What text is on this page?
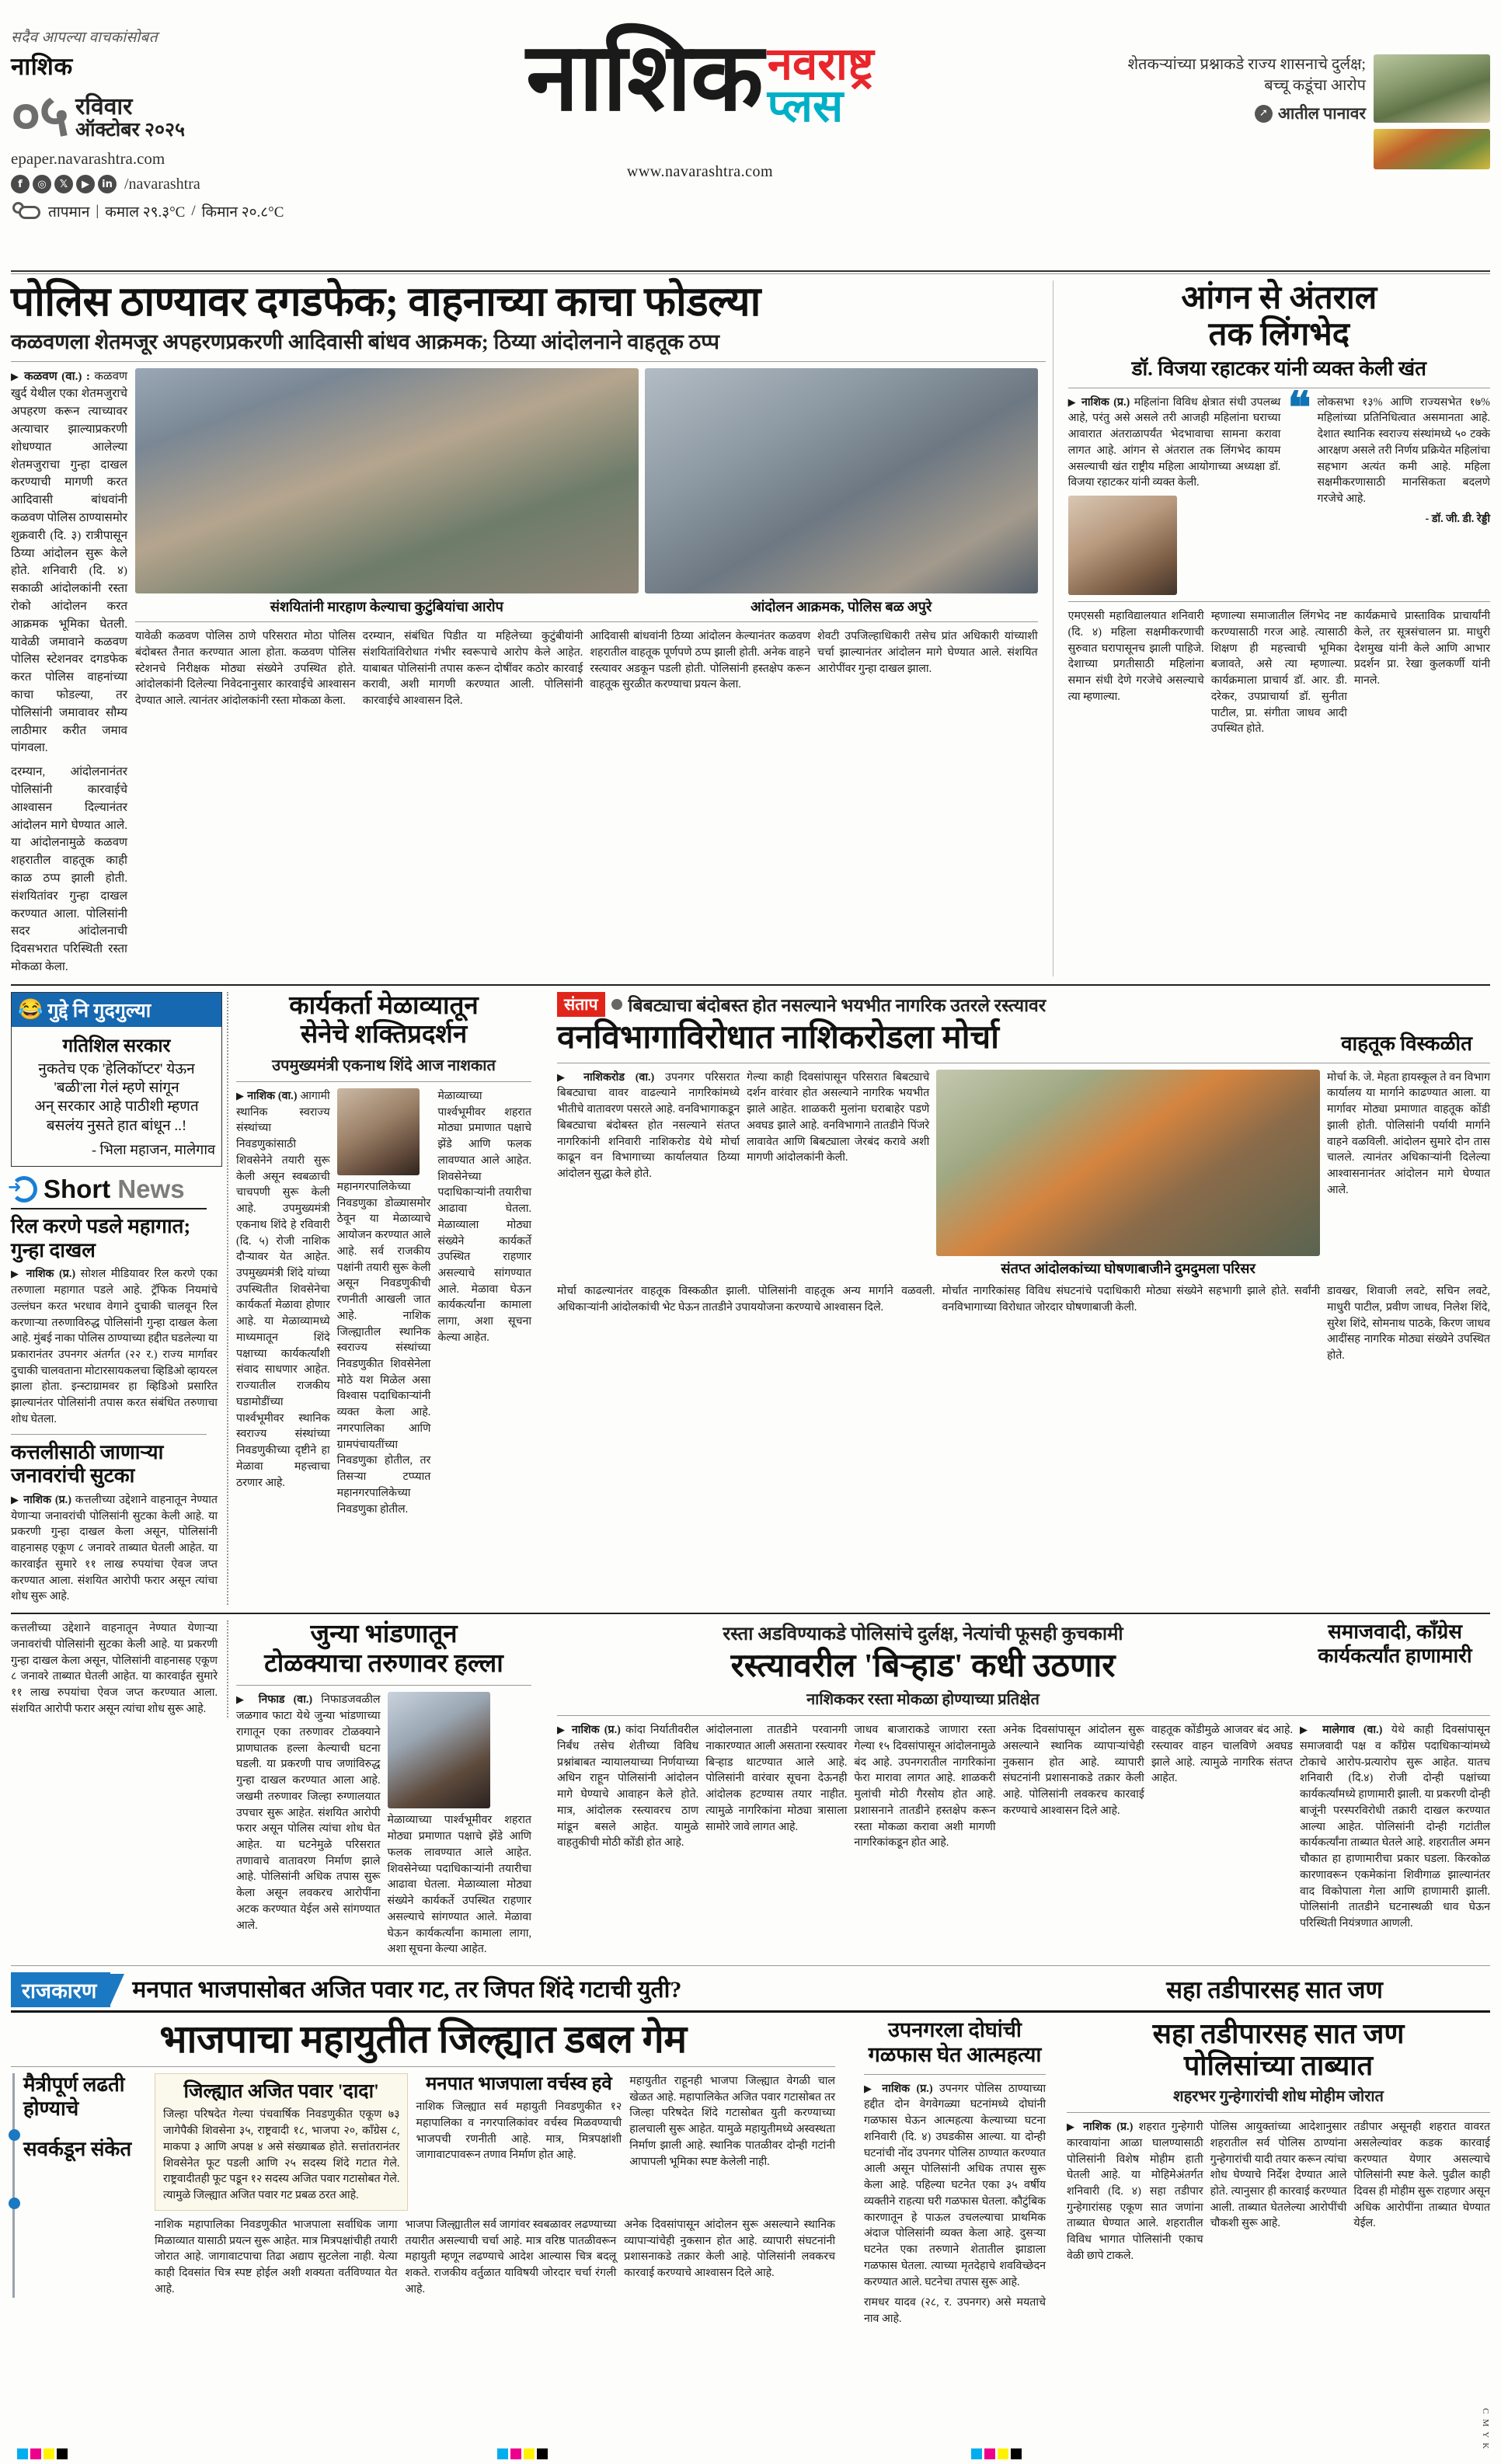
सदैव आपल्या वाचकांसोबत
नाशिक
०५ रविवार
ऑक्टोबर २०२५
epaper.navarashtra.com
f	◎	𝕏	▶	in /navarashtra
तापमान | कमाल २९.३°C / किमान २०.८°C
नाशिक नवराष्ट्र
प्लस
www.navarashtra.com
शेतकऱ्यांच्या प्रश्नाकडे राज्य शासनाचे दुर्लक्ष; बच्चू कडूंचा आरोप
➚ आतील पानावर
पोलिस ठाण्यावर दगडफेक; वाहनाच्या काचा फोडल्या
कळवणला शेतमजूर अपहरणप्रकरणी आदिवासी बांधव आक्रमक; ठिय्या आंदोलनाने वाहतूक ठप्प
▶ कळवण (वा.) : कळवण खुर्द येथील एका शेतमजुराचे अपहरण करून त्याच्यावर अत्याचार झाल्याप्रकरणी शोधण्यात आलेल्या शेतमजुराचा गुन्हा दाखल करण्याची मागणी करत आदिवासी बांधवांनी कळवण पोलिस ठाण्यासमोर शुक्रवारी (दि. ३) रात्रीपासून ठिय्या आंदोलन सुरू केले होते. शनिवारी (दि. ४) सकाळी आंदोलकांनी रस्ता रोको आंदोलन करत आक्रमक भूमिका घेतली. यावेळी जमावाने कळवण पोलिस स्टेशनवर दगडफेक करत पोलिस वाहनांच्या काचा फोडल्या, तर पोलिसांनी जमावावर सौम्य लाठीमार करीत जमाव पांगवला.
दरम्यान, आंदोलनानंतर पोलिसांनी कारवाईचे आश्वासन दिल्यानंतर आंदोलन मागे घेण्यात आले. या आंदोलनामुळे कळवण शहरातील वाहतूक काही काळ ठप्प झाली होती. संशयितांवर गुन्हा दाखल करण्यात आला. पोलिसांनी सदर आंदोलनाची दिवसभरात परिस्थिती रस्ता मोकळा केला.
संशयितांनी मारहाण केल्याचा कुटुंबियांचा आरोप	आंदोलन आक्रमक, पोलिस बळ अपुरे
यावेळी कळवण पोलिस ठाणे परिसरात मोठा पोलिस बंदोबस्त तैनात करण्यात आला होता. कळवण पोलिस स्टेशनचे निरीक्षक मोठ्या संख्येने उपस्थित होते. आंदोलकांनी दिलेल्या निवेदनानुसार कारवाईचे आश्वासन देण्यात आले. त्यानंतर आंदोलकांनी रस्ता मोकळा केला.
दरम्यान, संबंधित पिडीत या महिलेच्या कुटुंबीयांनी संशयितांविरोधात गंभीर स्वरूपाचे आरोप केले आहेत. याबाबत पोलिसांनी तपास करून दोषींवर कठोर कारवाई करावी, अशी मागणी करण्यात आली. पोलिसांनी कारवाईचे आश्वासन दिले.
आदिवासी बांधवांनी ठिय्या आंदोलन केल्यानंतर कळवण शहरातील वाहतूक पूर्णपणे ठप्प झाली होती. अनेक वाहने रस्त्यावर अडकून पडली होती. पोलिसांनी हस्तक्षेप करून वाहतूक सुरळीत करण्याचा प्रयत्न केला.
शेवटी उपजिल्हाधिकारी तसेच प्रांत अधिकारी यांच्याशी चर्चा झाल्यानंतर आंदोलन मागे घेण्यात आले. संशयित आरोपींवर गुन्हा दाखल झाला.
आंगन से अंतराल
तक लिंगभेद
डॉ. विजया रहाटकर यांनी व्यक्त केली खंत
▶ नाशिक (प्र.) महिलांना विविध क्षेत्रात संधी उपलब्ध आहे, परंतु असे असले तरी आजही महिलांना घराच्या आवारात अंतराळापर्यंत भेदभावाचा सामना करावा लागत आहे. आंगन से अंतराल तक लिंगभेद कायम असल्याची खंत राष्ट्रीय महिला आयोगाच्या अध्यक्षा डॉ. विजया रहाटकर यांनी व्यक्त केली.
❝ लोकसभा १३% आणि राज्यसभेत १७% महिलांच्या प्रतिनिधित्वात असमानता आहे. देशात स्थानिक स्वराज्य संस्थांमध्ये ५० टक्के आरक्षण असले तरी निर्णय प्रक्रियेत महिलांचा सहभाग अत्यंत कमी आहे. महिला सक्षमीकरणासाठी मानसिकता बदलणे गरजेचे आहे.
- डॉ. जी. डी. रेड्डी
एमएससी महाविद्यालयात शनिवारी (दि. ४) महिला सक्षमीकरणाची सुरुवात घरापासूनच झाली पाहिजे. देशाच्या प्रगतीसाठी महिलांना समान संधी देणे गरजेचे असल्याचे त्या म्हणाल्या.
म्हणाल्या समाजातील लिंगभेद नष्ट करण्यासाठी गरज आहे. त्यासाठी शिक्षण ही महत्त्वाची भूमिका बजावते, असे त्या म्हणाल्या. कार्यक्रमाला प्राचार्य डॉ. आर. डी. दरेकर, उपप्राचार्या डॉ. सुनीता पाटील, प्रा. संगीता जाधव आदी उपस्थित होते.
कार्यक्रमाचे प्रास्ताविक प्राचार्यांनी केले, तर सूत्रसंचालन प्रा. माधुरी देशमुख यांनी केले आणि आभार प्रदर्शन प्रा. रेखा कुलकर्णी यांनी मानले.
😂 गुद्दे नि गुदगुल्या
गतिशिल सरकार
नुकतेच एक 'हेलिकॉप्टर' येऊन 'बळी'ला गेलं म्हणे सांगून
अन् सरकार आहे पाठीशी म्हणत बसलंय नुसते हात बांधून ..!
- भिला महाजन, मालेगाव
➜
Short News
रिल करणे पडले महागात; गुन्हा दाखल
▶ नाशिक (प्र.) सोशल मीडियावर रिल करणे एका तरुणाला महागात पडले आहे. ट्रॅफिक नियमांचे उल्लंघन करत भरधाव वेगाने दुचाकी चालवून रिल करणाऱ्या तरुणाविरुद्ध पोलिसांनी गुन्हा दाखल केला आहे. मुंबई नाका पोलिस ठाण्याच्या हद्दीत घडलेल्या या प्रकारानंतर उपनगर अंतर्गत (२२ र.) राज्य मार्गावर दुचाकी चालवताना मोटारसायकलचा व्हिडिओ व्हायरल झाला होता. इन्स्टाग्रामवर हा व्हिडिओ प्रसारित झाल्यानंतर पोलिसांनी तपास करत संबंधित तरुणाचा शोध घेतला.
कत्तलीसाठी जाणाऱ्या जनावरांची सुटका
▶ नाशिक (प्र.) कत्तलीच्या उद्देशाने वाहनातून नेण्यात येणाऱ्या जनावरांची पोलिसांनी सुटका केली आहे. या प्रकरणी गुन्हा दाखल केला असून, पोलिसांनी वाहनासह एकूण ८ जनावरे ताब्यात घेतली आहेत. या कारवाईत सुमारे ११ लाख रुपयांचा ऐवज जप्त करण्यात आला. संशयित आरोपी फरार असून त्यांचा शोध सुरू आहे.
कार्यकर्ता मेळाव्यातून
सेनेचे शक्तिप्रदर्शन
उपमुख्यमंत्री एकनाथ शिंदे आज नाशकात
▶ नाशिक (वा.) आगामी स्थानिक स्वराज्य संस्थांच्या निवडणुकांसाठी शिवसेनेने तयारी सुरू केली असून स्वबळाची चाचपणी सुरू केली आहे. उपमुख्यमंत्री एकनाथ शिंदे हे रविवारी (दि. ५) रोजी नाशिक दौऱ्यावर येत आहेत. उपमुख्यमंत्री शिंदे यांच्या उपस्थितीत शिवसेनेचा कार्यकर्ता मेळावा होणार आहे. या मेळाव्यामध्ये माध्यमातून शिंदे पक्षाच्या कार्यकर्त्यांशी संवाद साधणार आहेत. राज्यातील राजकीय घडामोडींच्या पार्श्वभूमीवर स्थानिक स्वराज्य संस्थांच्या निवडणुकीच्या दृष्टीने हा मेळावा महत्त्वाचा ठरणार आहे.
महानगरपालिकेच्या निवडणुका डोळ्यासमोर ठेवून या मेळाव्याचे आयोजन करण्यात आले आहे. सर्व राजकीय पक्षांनी तयारी सुरू केली असून निवडणुकीची रणनीती आखली जात आहे. नाशिक जिल्ह्यातील स्थानिक स्वराज्य संस्थांच्या निवडणुकीत शिवसेनेला मोठे यश मिळेल असा विश्वास पदाधिकाऱ्यांनी व्यक्त केला आहे. नगरपालिका आणि ग्रामपंचायतींच्या निवडणुका होतील, तर तिसऱ्या टप्प्यात महानगरपालिकेच्या निवडणुका होतील.
मेळाव्याच्या पार्श्वभूमीवर शहरात मोठ्या प्रमाणात पक्षाचे झेंडे आणि फलक लावण्यात आले आहेत. शिवसेनेच्या पदाधिकाऱ्यांनी तयारीचा आढावा घेतला. मेळाव्याला मोठ्या संख्येने कार्यकर्ते उपस्थित राहणार असल्याचे सांगण्यात आले. मेळावा घेऊन कार्यकर्त्यांना कामाला लागा, अशा सूचना केल्या आहेत.
संताप	बिबट्याचा बंदोबस्त होत नसल्याने भयभीत नागरिक उतरले रस्त्यावर
वनविभागाविरोधात नाशिकरोडला मोर्चा	वाहतूक विस्कळीत
▶ नाशिकरोड (वा.) उपनगर परिसरात बिबट्याचा वावर वाढल्याने नागरिकांमध्ये भीतीचे वातावरण पसरले आहे. वनविभागाकडून बिबट्याचा बंदोबस्त होत नसल्याने संतप्त नागरिकांनी शनिवारी नाशिकरोड येथे मोर्चा काढून वन विभागाच्या कार्यालयात ठिय्या आंदोलन सुद्धा केले होते.
गेल्या काही दिवसांपासून परिसरात बिबट्याचे दर्शन वारंवार होत असल्याने नागरिक भयभीत झाले आहेत. शाळकरी मुलांना घराबाहेर पडणे अवघड झाले आहे. वनविभागाने तातडीने पिंजरे लावावेत आणि बिबट्याला जेरबंद करावे अशी मागणी आंदोलकांनी केली.
संतप्त आंदोलकांच्या घोषणाबाजीने दुमदुमला परिसर
मोर्चा के. जे. मेहता हायस्कूल ते वन विभाग कार्यालय या मार्गाने काढण्यात आला. या मार्गावर मोठ्या प्रमाणात वाहतूक कोंडी झाली होती. पोलिसांनी पर्यायी मार्गाने वाहने वळविली. आंदोलन सुमारे दोन तास चालले. त्यानंतर अधिकाऱ्यांनी दिलेल्या आश्वासनानंतर आंदोलन मागे घेण्यात आले.
मोर्चा काढल्यानंतर वाहतूक विस्कळीत झाली. पोलिसांनी वाहतूक अन्य मार्गाने वळवली. अधिकाऱ्यांनी आंदोलकांची भेट घेऊन तातडीने उपाययोजना करण्याचे आश्वासन दिले.
मोर्चात नागरिकांसह विविध संघटनांचे पदाधिकारी मोठ्या संख्येने सहभागी झाले होते. सर्वांनी वनविभागाच्या विरोधात जोरदार घोषणाबाजी केली.
डावखर, शिवाजी लवटे, सचिन लवटे, माधुरी पाटील, प्रवीण जाधव, निलेश शिंदे, सुरेश शिंदे, सोमनाथ पाठके, किरण जाधव आदींसह नागरिक मोठ्या संख्येने उपस्थित होते.
कत्तलीच्या उद्देशाने वाहनातून नेण्यात येणाऱ्या जनावरांची पोलिसांनी सुटका केली आहे. या प्रकरणी गुन्हा दाखल केला असून, पोलिसांनी वाहनासह एकूण ८ जनावरे ताब्यात घेतली आहेत. या कारवाईत सुमारे ११ लाख रुपयांचा ऐवज जप्त करण्यात आला. संशयित आरोपी फरार असून त्यांचा शोध सुरू आहे.
जुन्या भांडणातून
टोळक्याचा तरुणावर हल्ला
▶ निफाड (वा.) निफाडजवळील जळगाव फाटा येथे जुन्या भांडणाच्या रागातून एका तरुणावर टोळक्याने प्राणघातक हल्ला केल्याची घटना घडली. या प्रकरणी पाच जणांविरुद्ध गुन्हा दाखल करण्यात आला आहे. जखमी तरुणावर जिल्हा रुग्णालयात उपचार सुरू आहेत. संशयित आरोपी फरार असून पोलिस त्यांचा शोध घेत आहेत. या घटनेमुळे परिसरात तणावाचे वातावरण निर्माण झाले आहे. पोलिसांनी अधिक तपास सुरू केला असून लवकरच आरोपींना अटक करण्यात येईल असे सांगण्यात आले.
मेळाव्याच्या पार्श्वभूमीवर शहरात मोठ्या प्रमाणात पक्षाचे झेंडे आणि फलक लावण्यात आले आहेत. शिवसेनेच्या पदाधिकाऱ्यांनी तयारीचा आढावा घेतला. मेळाव्याला मोठ्या संख्येने कार्यकर्ते उपस्थित राहणार असल्याचे सांगण्यात आले. मेळावा घेऊन कार्यकर्त्यांना कामाला लागा, अशा सूचना केल्या आहेत.
रस्ता अडविण्याकडे पोलिसांचे दुर्लक्ष, नेत्यांची फूसही कुचकामी
रस्त्यावरील 'बिऱ्हाड' कधी उठणार
नाशिककर रस्ता मोकळा होण्याच्या प्रतिक्षेत
समाजवादी, काँग्रेस
कार्यकर्त्यांत हाणामारी
▶ नाशिक (प्र.) कांदा निर्यातीवरील निर्बंध तसेच शेतीच्या विविध प्रश्नांबाबत न्यायालयाच्या निर्णयाच्या अधिन राहून पोलिसांनी आंदोलन मागे घेण्याचे आवाहन केले होते. मात्र, आंदोलक रस्त्यावरच ठाण मांडून बसले आहेत. यामुळे वाहतुकीची मोठी कोंडी होत आहे.
आंदोलनाला तातडीने परवानगी नाकारण्यात आली असताना रस्त्यावर बिऱ्हाड थाटण्यात आले आहे. पोलिसांनी वारंवार सूचना देऊनही आंदोलक हटण्यास तयार नाहीत. त्यामुळे नागरिकांना मोठ्या त्रासाला सामोरे जावे लागत आहे.
जाधव बाजाराकडे जाणारा रस्ता गेल्या १५ दिवसांपासून आंदोलनामुळे बंद आहे. उपनगरातील नागरिकांना फेरा मारावा लागत आहे. शाळकरी मुलांची मोठी गैरसोय होत आहे. प्रशासनाने तातडीने हस्तक्षेप करून रस्ता मोकळा करावा अशी मागणी नागरिकांकडून होत आहे.
अनेक दिवसांपासून आंदोलन सुरू असल्याने स्थानिक व्यापाऱ्यांचेही नुकसान होत आहे. व्यापारी संघटनांनी प्रशासनाकडे तक्रार केली आहे. पोलिसांनी लवकरच कारवाई करण्याचे आश्वासन दिले आहे.
वाहतूक कोंडीमुळे आजवर बंद आहे. रस्त्यावर वाहन चालविणे अवघड झाले आहे. त्यामुळे नागरिक संतप्त आहेत.
▶ मालेगाव (वा.) येथे काही दिवसांपासून समाजवादी पक्ष व काँग्रेस पदाधिकाऱ्यांमध्ये टोकाचे आरोप-प्रत्यारोप सुरू आहेत. यातच शनिवारी (दि.४) रोजी दोन्ही पक्षांच्या कार्यकर्त्यांमध्ये हाणामारी झाली. या प्रकरणी दोन्ही बाजूंनी परस्परविरोधी तक्रारी दाखल करण्यात आल्या आहेत. पोलिसांनी दोन्ही गटांतील कार्यकर्त्यांना ताब्यात घेतले आहे. शहरातील अमन चौकात हा हाणामारीचा प्रकार घडला. किरकोळ कारणावरून एकमेकांना शिवीगाळ झाल्यानंतर वाद विकोपाला गेला आणि हाणामारी झाली. पोलिसांनी तातडीने घटनास्थळी धाव घेऊन परिस्थिती नियंत्रणात आणली.
राजकारण	मनपात भाजपासोबत अजित पवार गट, तर जिपत शिंदे गटाची युती?	सहा तडीपारसह सात जण
भाजपाचा महायुतीत जिल्ह्यात डबल गेम
मैत्रीपूर्ण लढती
होण्याचे
सवर्कडून संकेत
जिल्ह्यात अजित पवार 'दादा'
जिल्हा परिषदेत गेल्या पंचवार्षिक निवडणुकीत एकूण ७३ जागेपैकी शिवसेना ३५, राष्ट्रवादी १८, भाजपा २०, काँग्रेस ८, माकपा ३ आणि अपक्ष ४ असे संख्याबळ होते. सत्तांतरानंतर शिवसेनेत फूट पडली आणि २५ सदस्य शिंदे गटात गेले. राष्ट्रवादीतही फूट पडून १२ सदस्य अजित पवार गटासोबत गेले. त्यामुळे जिल्ह्यात अजित पवार गट प्रबळ ठरत आहे.
मनपात भाजपाला वर्चस्व हवे
नाशिक जिल्ह्यात सर्व महायुती निवडणुकीत १२ महापालिका व नगरपालिकांवर वर्चस्व मिळवण्याची भाजपची रणनीती आहे. मात्र, मित्रपक्षांशी जागावाटपावरून तणाव निर्माण होत आहे.
महायुतीत राहूनही भाजपा जिल्ह्यात वेगळी चाल खेळत आहे. महापालिकेत अजित पवार गटासोबत तर जिल्हा परिषदेत शिंदे गटासोबत युती करण्याच्या हालचाली सुरू आहेत. यामुळे महायुतीमध्ये अस्वस्थता निर्माण झाली आहे. स्थानिक पातळीवर दोन्ही गटांनी आपापली भूमिका स्पष्ट केलेली नाही.
नाशिक महापालिका निवडणुकीत भाजपाला सर्वाधिक जागा मिळाव्यात यासाठी प्रयत्न सुरू आहेत. मात्र मित्रपक्षांचीही तयारी जोरात आहे. जागावाटपाचा तिढा अद्याप सुटलेला नाही. येत्या काही दिवसांत चित्र स्पष्ट होईल अशी शक्यता वर्तविण्यात येत आहे.
भाजपा जिल्ह्यातील सर्व जागांवर स्वबळावर लढण्याच्या तयारीत असल्याची चर्चा आहे. मात्र वरिष्ठ पातळीवरून महायुती म्हणून लढण्याचे आदेश आल्यास चित्र बदलू शकते. राजकीय वर्तुळात याविषयी जोरदार चर्चा रंगली आहे.
अनेक दिवसांपासून आंदोलन सुरू असल्याने स्थानिक व्यापाऱ्यांचेही नुकसान होत आहे. व्यापारी संघटनांनी प्रशासनाकडे तक्रार केली आहे. पोलिसांनी लवकरच कारवाई करण्याचे आश्वासन दिले आहे.
उपनगरला दोघांची
गळफास घेत आत्महत्या
▶ नाशिक (प्र.) उपनगर पोलिस ठाण्याच्या हद्दीत दोन वेगवेगळ्या घटनांमध्ये दोघांनी गळफास घेऊन आत्महत्या केल्याच्या घटना शनिवारी (दि. ४) उघडकीस आल्या. या दोन्ही घटनांची नोंद उपनगर पोलिस ठाण्यात करण्यात आली असून पोलिसांनी अधिक तपास सुरू केला आहे. पहिल्या घटनेत एका ३५ वर्षीय व्यक्तीने राहत्या घरी गळफास घेतला. कौटुंबिक कारणातून हे पाऊल उचलल्याचा प्राथमिक अंदाज पोलिसांनी व्यक्त केला आहे. दुसऱ्या घटनेत एका तरुणाने शेतातील झाडाला गळफास घेतला. त्याच्या मृतदेहाचे शवविच्छेदन करण्यात आले. घटनेचा तपास सुरू आहे.
रामधर यादव (२८, र. उपनगर) असे मयताचे नाव आहे.
सहा तडीपारसह सात जण
पोलिसांच्या ताब्यात
शहरभर गुन्हेगारांची शोध मोहीम जोरात
▶ नाशिक (प्र.) शहरात गुन्हेगारी कारवायांना आळा घालण्यासाठी पोलिसांनी विशेष मोहीम हाती घेतली आहे. या मोहिमेअंतर्गत शनिवारी (दि. ४) सहा तडीपार गुन्हेगारांसह एकूण सात जणांना ताब्यात घेण्यात आले. शहरातील विविध भागात पोलिसांनी एकाच वेळी छापे टाकले.
पोलिस आयुक्तांच्या आदेशानुसार शहरातील सर्व पोलिस ठाण्यांना गुन्हेगारांची यादी तयार करून त्यांचा शोध घेण्याचे निर्देश देण्यात आले होते. त्यानुसार ही कारवाई करण्यात आली. ताब्यात घेतलेल्या आरोपींची चौकशी सुरू आहे.
तडीपार असूनही शहरात वावरत असलेल्यांवर कडक कारवाई करण्यात येणार असल्याचे पोलिसांनी स्पष्ट केले. पुढील काही दिवस ही मोहीम सुरू राहणार असून अधिक आरोपींना ताब्यात घेण्यात येईल.
C M Y K
